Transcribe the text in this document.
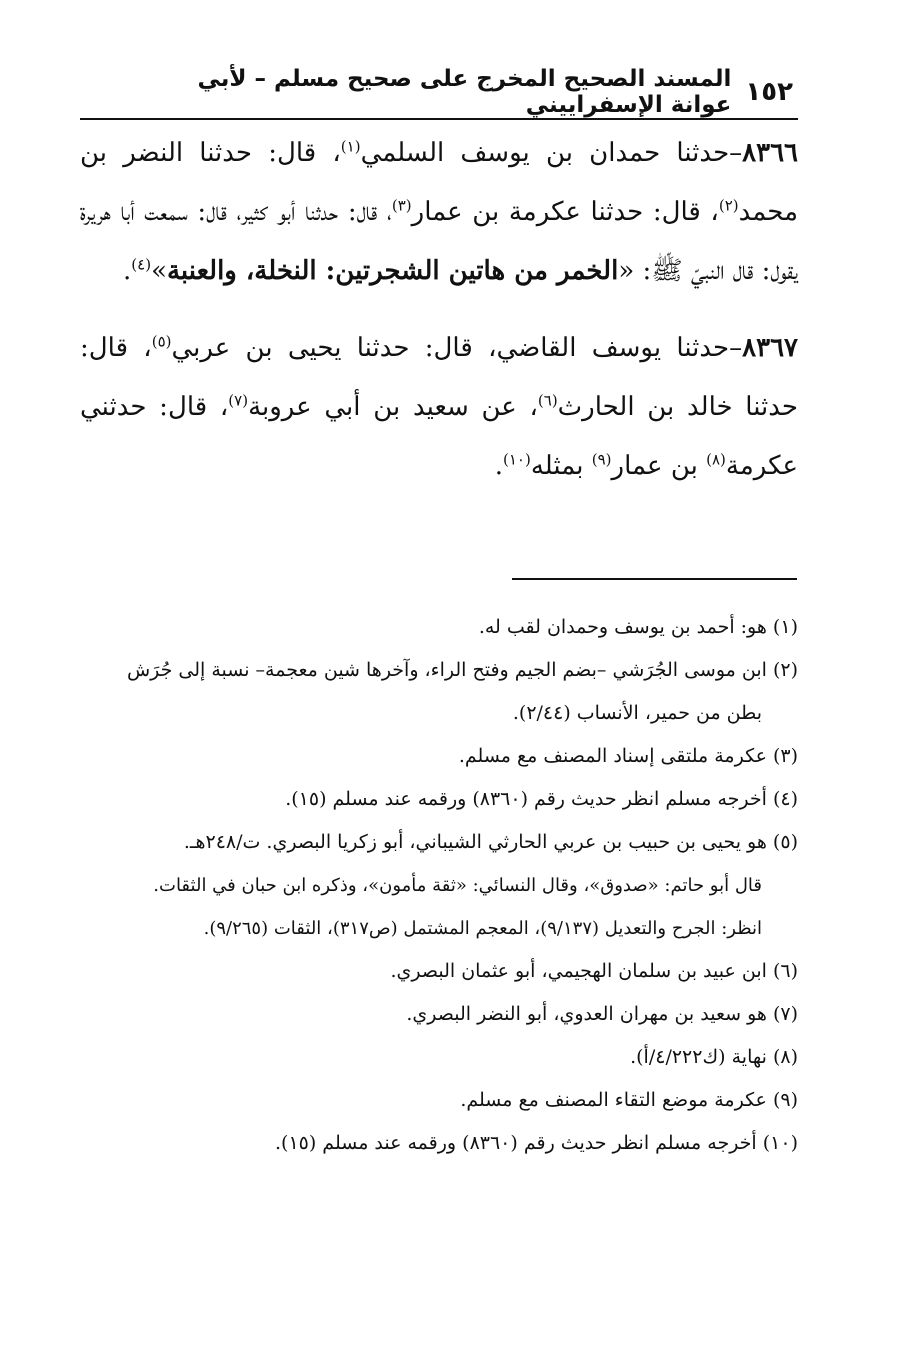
١٥٢
المسند الصحيح المخرج على صحيح مسلم – لأبي عوانة الإسفراييني

٨٣٦٦–حدثنا حمدان بن يوسف السلمي$^{(١)}$، قال: حدثنا النضر بن محمد$^{(٢)}$، قال: حدثنا عكرمة بن عمار$^{(٣)}$، قال: حدثنا أبو كثير، قال: سمعت أبا هريرة يقول: قال النبيّ ﷺ: «الخمر من هاتين الشجرتين: النخلة، والعنبة»$^{(٤)}$.

٨٣٦٧–حدثنا يوسف القاضي، قال: حدثنا يحيى بن عربي$^{(٥)}$، قال: حدثنا خالد بن الحارث$^{(٦)}$، عن سعيد بن أبي عروبة$^{(٧)}$، قال: حدثني عكرمة$^{(٨)}$ بن عمار$^{(٩)}$ بمثله$^{(١٠)}$.

(١) هو: أحمد بن يوسف وحمدان لقب له.

(٢) ابن موسى الجُرَشي –بضم الجيم وفتح الراء، وآخرها شين معجمة– نسبة إلى جُرَش
بطن من حمير، الأنساب (٢/٤٤).

(٣) عكرمة ملتقى إسناد المصنف مع مسلم.

(٤) أخرجه مسلم انظر حديث رقم (٨٣٦٠) ورقمه عند مسلم (١٥).

(٥) هو يحيى بن حبيب بن عربي الحارثي الشيباني، أبو زكريا البصري. ت/٢٤٨هـ.

قال أبو حاتم: «صدوق»، وقال النسائي: «ثقة مأمون»، وذكره ابن حبان في الثقات.

انظر: الجرح والتعديل (٩/١٣٧)، المعجم المشتمل (ص٣١٧)، الثقات (٩/٢٦٥).

(٦) ابن عبيد بن سلمان الهجيمي، أبو عثمان البصري.

(٧) هو سعيد بن مهران العدوي، أبو النضر البصري.

(٨) نهاية (ك٤/٢٢٢/أ).

(٩) عكرمة موضع التقاء المصنف مع مسلم.

(١٠) أخرجه مسلم انظر حديث رقم (٨٣٦٠) ورقمه عند مسلم (١٥).
